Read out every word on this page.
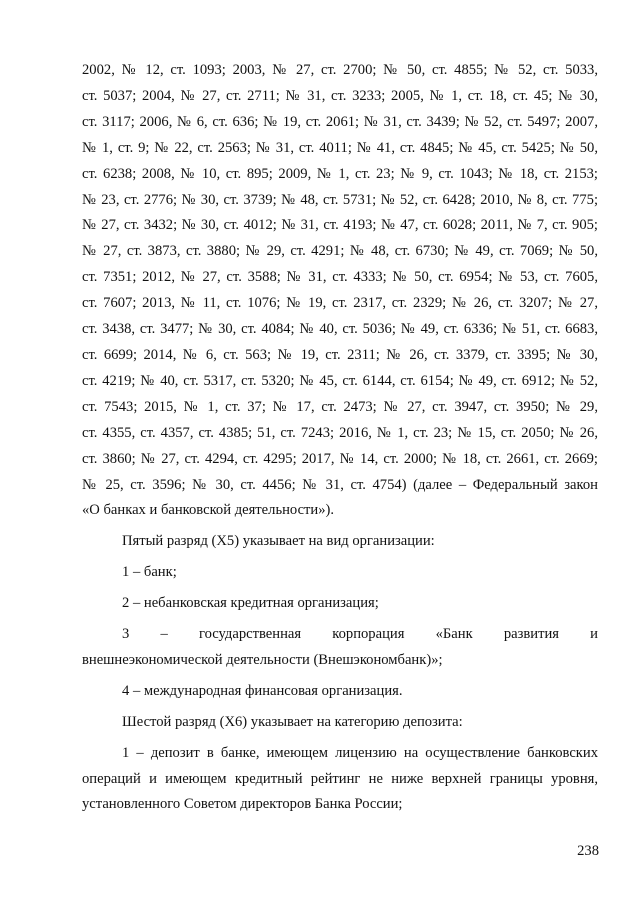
2002, № 12, ст. 1093; 2003, № 27, ст. 2700; № 50, ст. 4855; № 52, ст. 5033,
ст. 5037; 2004, № 27, ст. 2711; № 31, ст. 3233; 2005, № 1, ст. 18, ст. 45; № 30,
ст. 3117; 2006, № 6, ст. 636; № 19, ст. 2061; № 31, ст. 3439; № 52, ст. 5497; 2007,
№ 1, ст. 9; № 22, ст. 2563; № 31, ст. 4011; № 41, ст. 4845; № 45, ст. 5425; № 50,
ст. 6238; 2008, № 10, ст. 895; 2009, № 1, ст. 23; № 9, ст. 1043; № 18, ст. 2153;
№ 23, ст. 2776; № 30, ст. 3739; № 48, ст. 5731; № 52, ст. 6428; 2010, № 8, ст. 775;
№ 27, ст. 3432; № 30, ст. 4012; № 31, ст. 4193; № 47, ст. 6028; 2011, № 7, ст. 905;
№ 27, ст. 3873, ст. 3880; № 29, ст. 4291; № 48, ст. 6730; № 49, ст. 7069; № 50,
ст. 7351; 2012, № 27, ст. 3588; № 31, ст. 4333; № 50, ст. 6954; № 53, ст. 7605,
ст. 7607; 2013, № 11, ст. 1076; № 19, ст. 2317, ст. 2329; № 26, ст. 3207; № 27,
ст. 3438, ст. 3477; № 30, ст. 4084; № 40, ст. 5036; № 49, ст. 6336; № 51, ст. 6683,
ст. 6699; 2014, № 6, ст. 563; № 19, ст. 2311; № 26, ст. 3379, ст. 3395; № 30,
ст. 4219; № 40, ст. 5317, ст. 5320; № 45, ст. 6144, ст. 6154; № 49, ст. 6912; № 52,
ст. 7543; 2015, № 1, ст. 37; № 17, ст. 2473; № 27, ст. 3947, ст. 3950; № 29,
ст. 4355, ст. 4357, ст. 4385; 51, ст. 7243; 2016, № 1, ст. 23; № 15, ст. 2050; № 26,
ст. 3860; № 27, ст. 4294, ст. 4295; 2017, № 14, ст. 2000; № 18, ст. 2661, ст. 2669;
№ 25, ст. 3596; № 30, ст. 4456; № 31, ст. 4754) (далее – Федеральный закон
«О банках и банковской деятельности»).
Пятый разряд (Х5) указывает на вид организации:
1 – банк;
2 – небанковская кредитная организация;
3 – государственная корпорация «Банк развития и
внешнеэкономической деятельности (Внешэкономбанк)»;
4 – международная финансовая организация.
Шестой разряд (Х6) указывает на категорию депозита:
1 – депозит в банке, имеющем лицензию на осуществление банковских
операций и имеющем кредитный рейтинг не ниже верхней границы уровня,
установленного Советом директоров Банка России;
238
